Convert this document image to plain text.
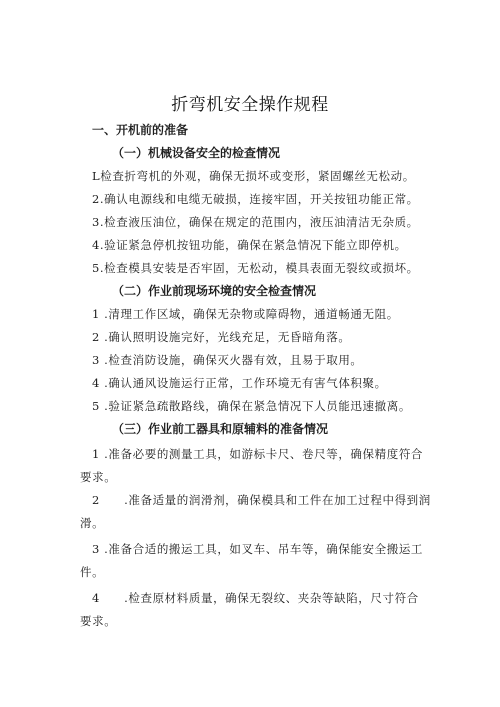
折弯机安全操作规程
一、开机前的准备
（一）机械设备安全的检查情况
L检查折弯机的外观，确保无损坏或变形，紧固螺丝无松动。
2.确认电源线和电缆无破损，连接牢固，开关按钮功能正常。
3.检查液压油位，确保在规定的范围内，液压油清洁无杂质。
4.验证紧急停机按钮功能，确保在紧急情况下能立即停机。
5.检查模具安装是否牢固，无松动，模具表面无裂纹或损坏。
（二）作业前现场环境的安全检查情况
1 .清理工作区域，确保无杂物或障碍物，通道畅通无阻。
2 .确认照明设施完好，光线充足，无昏暗角落。
3 .检查消防设施，确保灭火器有效，且易于取用。
4 .确认通风设施运行正常，工作环境无有害气体积聚。
5 .验证紧急疏散路线，确保在紧急情况下人员能迅速撤离。
（三）作业前工器具和原辅料的准备情况
1 .准备必要的测量工具，如游标卡尺、卷尺等，确保精度符合
要求。
2　　.准备适量的润滑剂，确保模具和工件在加工过程中得到润
滑。
3 .准备合适的搬运工具，如叉车、吊车等，确保能安全搬运工
件。
4　　.检查原材料质量，确保无裂纹、夹杂等缺陷，尺寸符合
要求。
